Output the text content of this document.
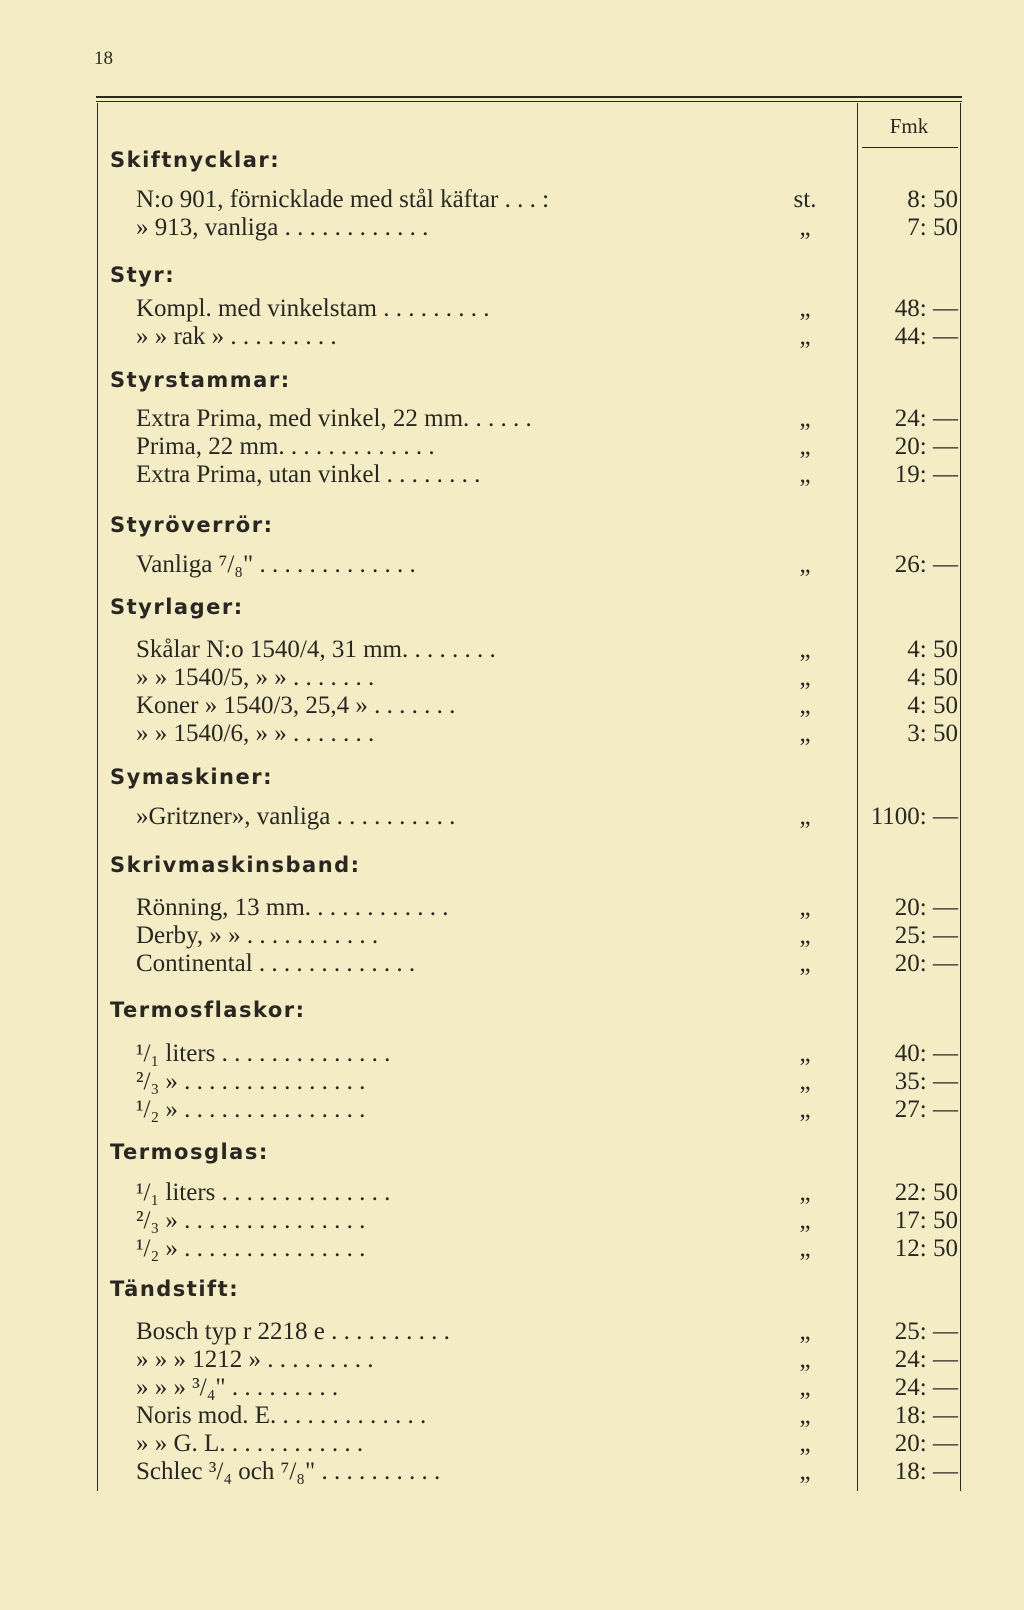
18
Fmk
Skiftnycklar:
N:o 901, förnicklade med stål käftar . . . :	st.	8: 50
» 913, vanliga . . . . . . . . . . . .	„	7: 50
Styr:
Kompl. med vinkelstam . . . . . . . . .	„	48: —
» » rak » . . . . . . . . .	„	44: —
Styrstammar:
Extra Prima, med vinkel, 22 mm. . . . . .	„	24: —
Prima, 22 mm. . . . . . . . . . . . .	„	20: —
Extra Prima, utan vinkel . . . . . . . .	„	19: —
Styröverrör:
Vanliga ⁷/₈" . . . . . . . . . . . . .	„	26: —
Styrlager:
Skålar N:o 1540/4, 31 mm. . . . . . . .	„	4: 50
» » 1540/5, » » . . . . . . .	„	4: 50
Koner » 1540/3, 25,4 » . . . . . . .	„	4: 50
» » 1540/6, » » . . . . . . .	„	3: 50
Symaskiner:
»Gritzner», vanliga . . . . . . . . . .	„	1100: —
Skrivmaskinsband:
Rönning, 13 mm. . . . . . . . . . . .	„	20: —
Derby, » » . . . . . . . . . . .	„	25: —
Continental . . . . . . . . . . . . .	„	20: —
Termosflaskor:
¹/₁ liters . . . . . . . . . . . . . .	„	40: —
²/₃ » . . . . . . . . . . . . . . .	„	35: —
¹/₂ » . . . . . . . . . . . . . . .	„	27: —
Termosglas:
¹/₁ liters . . . . . . . . . . . . . .	„	22: 50
²/₃ » . . . . . . . . . . . . . . .	„	17: 50
¹/₂ » . . . . . . . . . . . . . . .	„	12: 50
Tändstift:
Bosch typ r 2218 e . . . . . . . . . .	„	25: —
» » » 1212 » . . . . . . . . .	„	24: —
» » » ³/₄" . . . . . . . . .	„	24: —
Noris mod. E. . . . . . . . . . . . .	„	18: —
» » G. L. . . . . . . . . . . .	„	20: —
Schlec ³/₄ och ⁷/₈" . . . . . . . . . .	„	18: —
